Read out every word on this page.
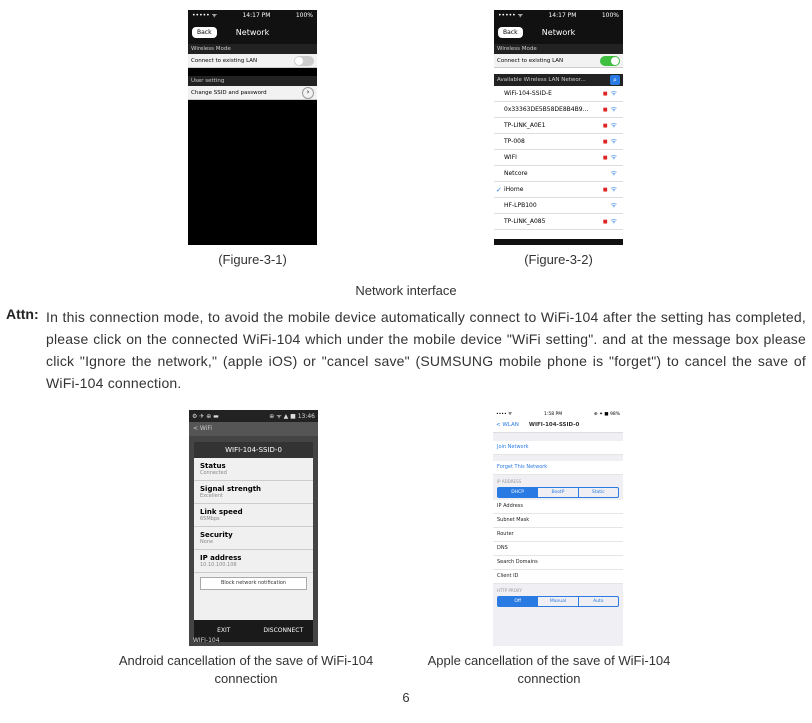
••••• ᯤ	14:17 PM	100%
Back	Network
Wireless Mode
Connect to existing LAN
User setting
Change SSID and password	›
(Figure-3-1)
••••• ᯤ	14:17 PM	100%
Back	Network
Wireless Mode
Connect to existing LAN
Available Wireless LAN Networ...	⌕
WiFi-104-SSID-E	■ ᯤ
0x33363DE5B58DE8B4B9...	■ ᯤ
TP-LINK_A0E1	■ ᯤ
TP-008	■ ᯤ
WIFI	■ ᯤ
Netcore	ᯤ
✓ iHome	■ ᯤ
HF-LPB100	ᯤ
TP-LINK_A085	■ ᯤ
(Figure-3-2)
Network interface
Attn: In this connection mode, to avoid the mobile device automatically connect to WiFi-104 after the setting has completed, please click on the connected WiFi-104 which under the mobile device "WiFi setting". and at the message box please click "Ignore the network," (apple iOS) or "cancel save" (SUMSUNG mobile phone is "forget") to cancel the save of WiFi-104 connection.
⚙ ✈ ⊕ ▬	⊕ ᯤ ▲ ■ 13:46
< WiFi
WIFI-104-SSID-0
Status
Connected
Signal strength
Excellent
Link speed
65Mbps
Security
None
IP address
10.10.100.108
Block network notification
EXIT	DISCONNECT
WIFI-104
Android cancellation of the save of WiFi-104 connection
•••• ᯤ	1:58 PM	⊕ ✦ ■ 98%
< WLAN WIFI-104-SSID-0
Join Network
Forget This Network
IP ADDRESS
DHCP	BootP	Static
IP Address
Subnet Mask
Router
DNS
Search Domains
Client ID
HTTP PROXY
Off	Manual	Auto
Apple cancellation of the save of WiFi-104 connection
6
